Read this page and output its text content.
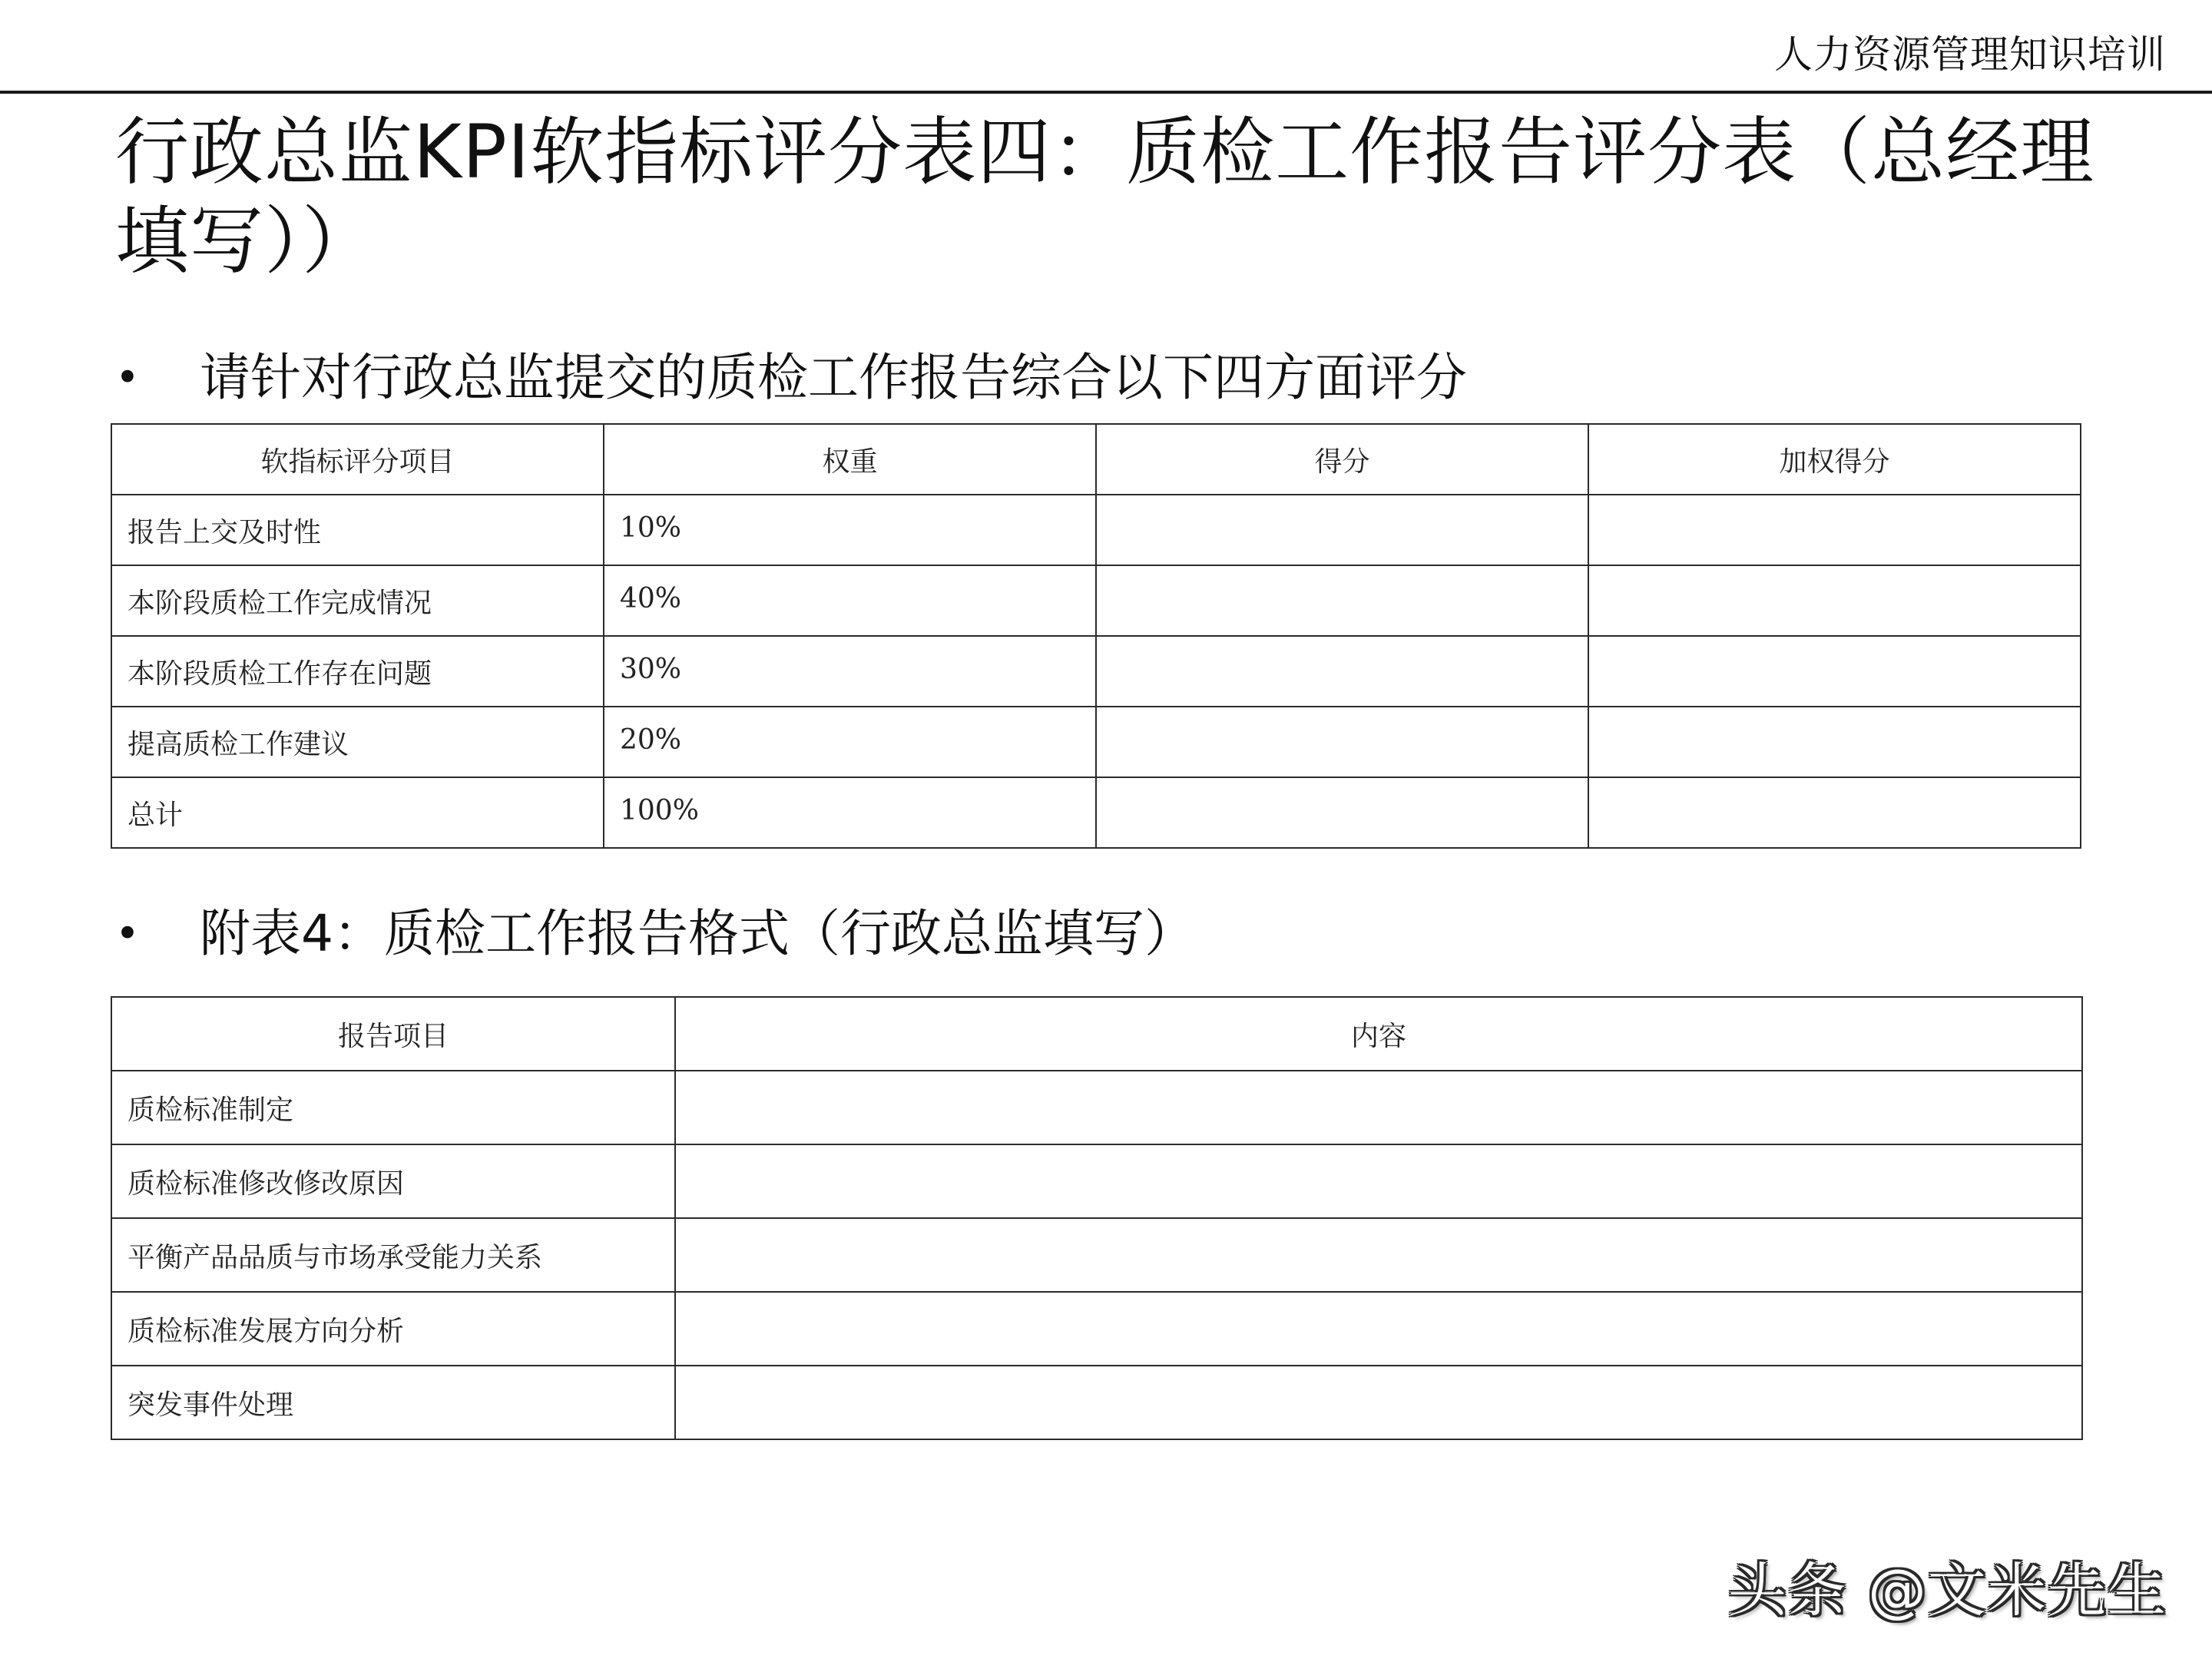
人力资源管理知识培训
行政总监KPI软指标评分表四：质检工作报告评分表（总经理填写））
•	请针对行政总监提交的质检工作报告综合以下四方面评分
软指标评分项目	权重	得分	加权得分
报告上交及时性	10%		
本阶段质检工作完成情况	40%		
本阶段质检工作存在问题	30%		
提高质检工作建议	20%		
总计	100%		
•	附表4：质检工作报告格式（行政总监填写）
报告项目	内容
质检标准制定	
质检标准修改修改原因	
平衡产品品质与市场承受能力关系	
质检标准发展方向分析	
突发事件处理	
头条 @文米先生
